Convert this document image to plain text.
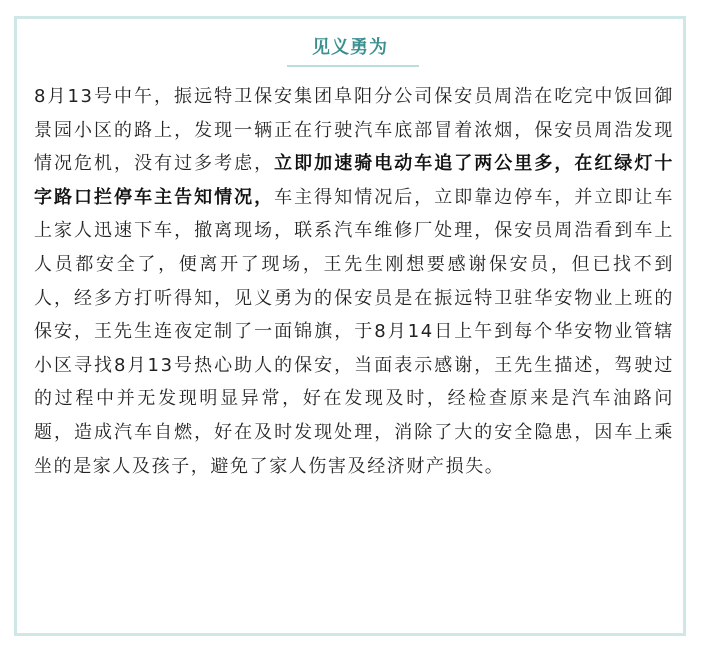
见义勇为

8月13号中午，振远特卫保安集团阜阳分公司保安员周浩在吃完中饭回御景园小区的路上，发现一辆正在行驶汽车底部冒着浓烟，保安员周浩发现情况危机，没有过多考虑，立即加速骑电动车追了两公里多，在红绿灯十字路口拦停车主告知情况，车主得知情况后，立即靠边停车，并立即让车上家人迅速下车，撤离现场，联系汽车维修厂处理，保安员周浩看到车上人员都安全了，便离开了现场，王先生刚想要感谢保安员，但已找不到人，经多方打听得知，见义勇为的保安员是在振远特卫驻华安物业上班的保安，王先生连夜定制了一面锦旗，于8月14日上午到每个华安物业管辖小区寻找8月13号热心助人的保安，当面表示感谢，王先生描述，驾驶过的过程中并无发现明显异常，好在发现及时，经检查原来是汽车油路问题，造成汽车自燃，好在及时发现处理，消除了大的安全隐患，因车上乘坐的是家人及孩子，避免了家人伤害及经济财产损失。
